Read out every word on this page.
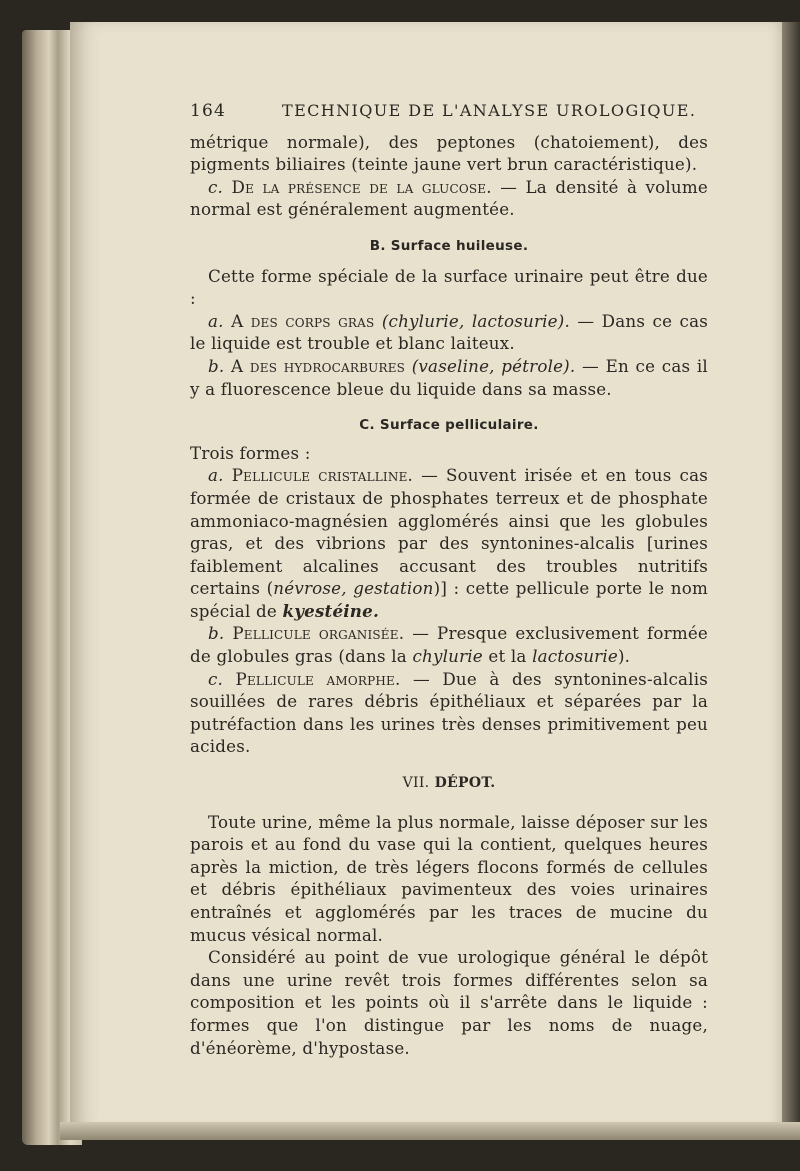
164	TECHNIQUE DE L'ANALYSE UROLOGIQUE.

métrique normale), des peptones (chatoiement), des pigments biliaires (teinte jaune vert brun caractéristique).

c. De la présence de la glucose. — La densité à volume normal est généralement augmentée.

B. Surface huileuse.

Cette forme spéciale de la surface urinaire peut être due :

a. A des corps gras (chylurie, lactosurie). — Dans ce cas le liquide est trouble et blanc laiteux.

b. A des hydrocarbures (vaseline, pétrole). — En ce cas il y a fluorescence bleue du liquide dans sa masse.

C. Surface pelliculaire.

Trois formes :

a. Pellicule cristalline. — Souvent irisée et en tous cas formée de cristaux de phosphates terreux et de phosphate ammoniaco-magnésien agglomérés ainsi que les globules gras, et des vibrions par des syntonines-alcalis [urines faiblement alcalines accusant des troubles nutritifs certains (névrose, gestation)] : cette pellicule porte le nom spécial de kyestéine.

b. Pellicule organisée. — Presque exclusivement formée de globules gras (dans la chylurie et la lactosurie).

c. Pellicule amorphe. — Due à des syntonines-alcalis souillées de rares débris épithéliaux et séparées par la putréfaction dans les urines très denses primitivement peu acides.

VII. DÉPOT.

Toute urine, même la plus normale, laisse déposer sur les parois et au fond du vase qui la contient, quelques heures après la miction, de très légers flocons formés de cellules et débris épithéliaux pavimenteux des voies urinaires entraînés et agglomérés par les traces de mucine du mucus vésical normal.

Considéré au point de vue urologique général le dépôt dans une urine revêt trois formes différentes selon sa composition et les points où il s'arrête dans le liquide : formes que l'on distingue par les noms de nuage, d'énéorème, d'hypostase.
